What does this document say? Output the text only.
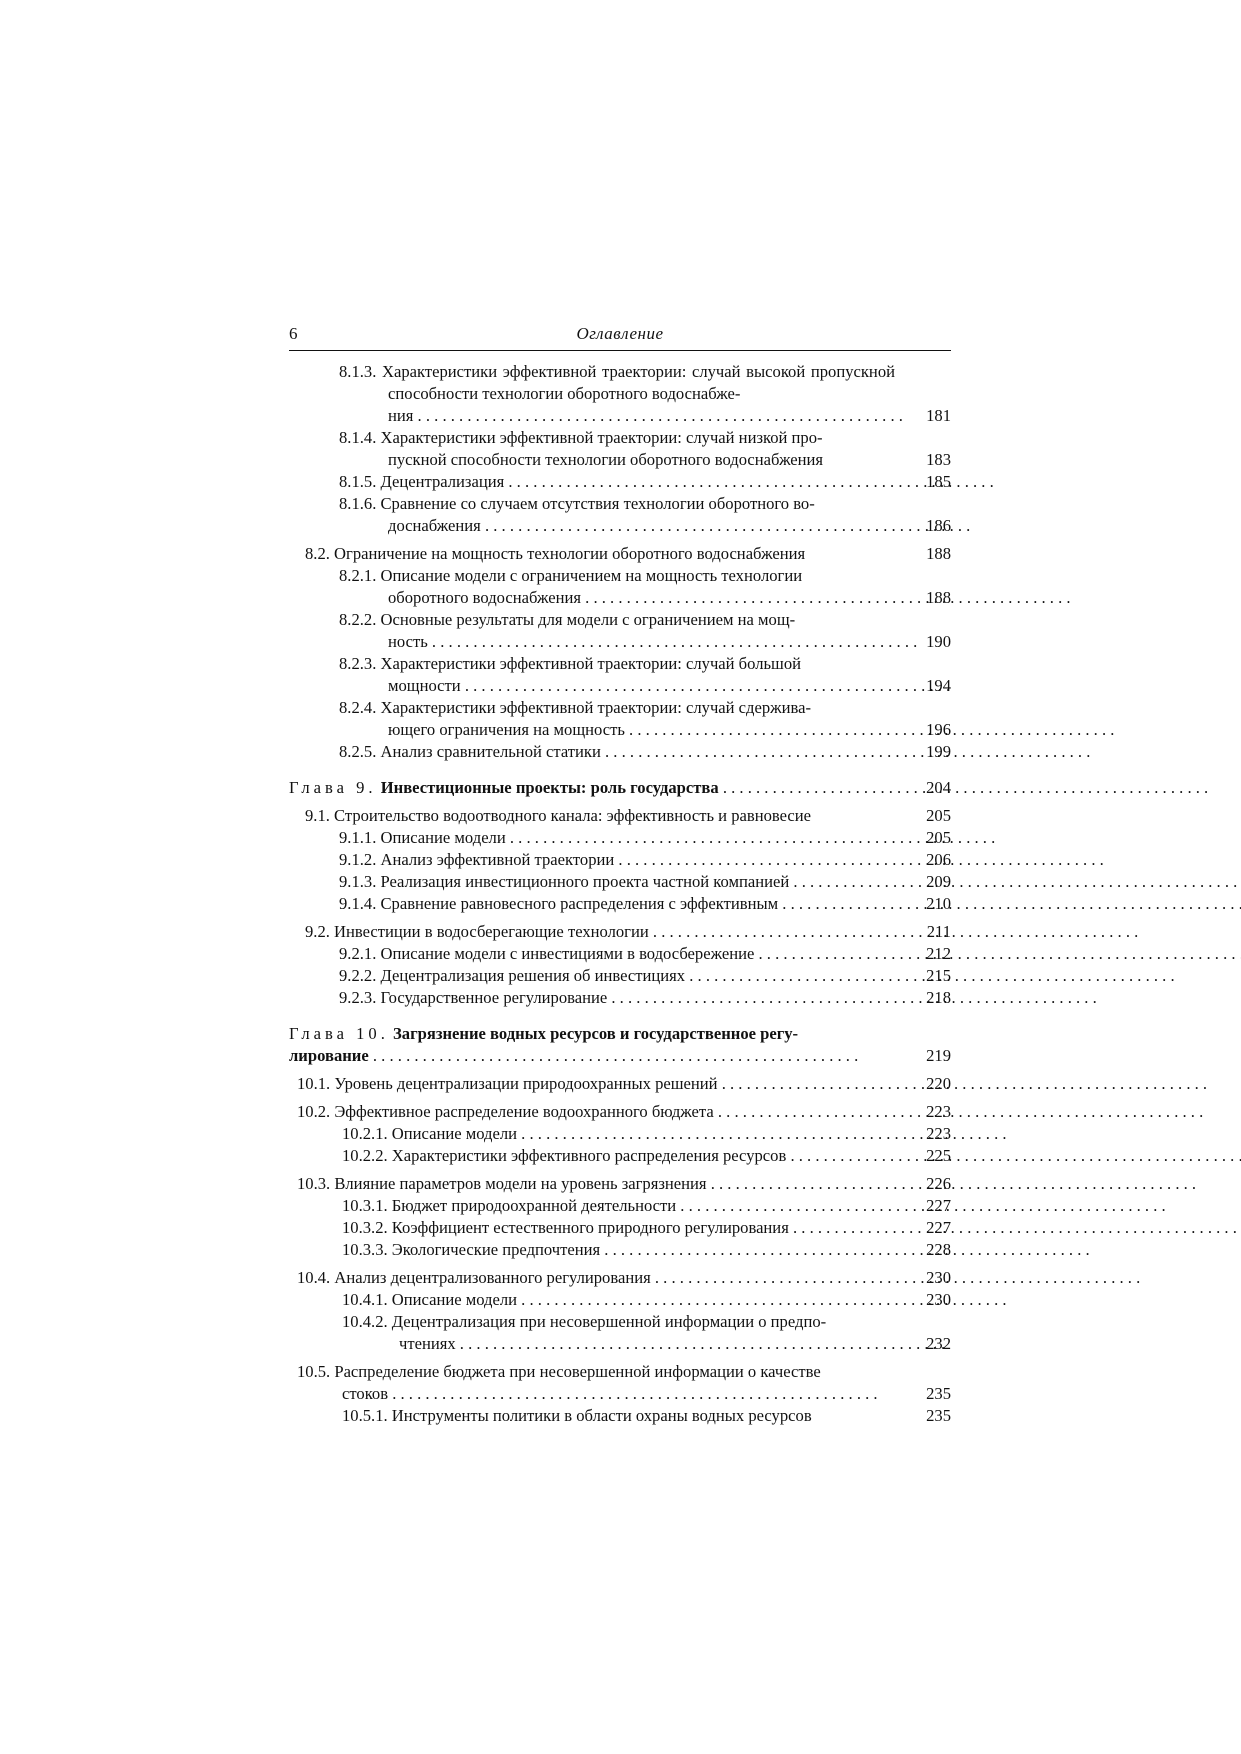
6	Оглавление
8.1.3. Характеристики эффективной траектории: случай высокой пропускной способности технологии оборотного водоснабже-
ния . . .	181
8.1.4. Характеристики эффективной траектории: случай низкой про-
пускной способности технологии оборотного водоснабжения	183
8.1.5. Децентрализация . . .	185
8.1.6. Сравнение со случаем отсутствия технологии оборотного во-
доснабжения . . .	186
8.2. Ограничение на мощность технологии оборотного водоснабжения	188
8.2.1. Описание модели с ограничением на мощность технологии
оборотного водоснабжения . . .	188
8.2.2. Основные результаты для модели с ограничением на мощ-
ность . . .	190
8.2.3. Характеристики эффективной траектории: случай большой
мощности . . .	194
8.2.4. Характеристики эффективной траектории: случай сдержива-
ющего ограничения на мощность . . .	196
8.2.5. Анализ сравнительной статики . . .	199
Глава 9. Инвестиционные проекты: роль государства . . .	204
9.1. Строительство водоотводного канала: эффективность и равновесие	205
9.1.1. Описание модели . . .	205
9.1.2. Анализ эффективной траектории . . .	206
9.1.3. Реализация инвестиционного проекта частной компанией . . .	209
9.1.4. Сравнение равновесного распределения с эффективным . . .	210
9.2. Инвестиции в водосберегающие технологии . . .	211
9.2.1. Описание модели с инвестициями в водосбережение . . .	212
9.2.2. Децентрализация решения об инвестициях . . .	215
9.2.3. Государственное регулирование . . .	218
Глава 10. Загрязнение водных ресурсов и государственное регу-
лирование . . .	219
10.1. Уровень децентрализации природоохранных решений . . .	220
10.2. Эффективное распределение водоохранного бюджета . . .	223
10.2.1. Описание модели . . .	223
10.2.2. Характеристики эффективного распределения ресурсов . . .	225
10.3. Влияние параметров модели на уровень загрязнения . . .	226
10.3.1. Бюджет природоохранной деятельности . . .	227
10.3.2. Коэффициент естественного природного регулирования . . .	227
10.3.3. Экологические предпочтения . . .	228
10.4. Анализ децентрализованного регулирования . . .	230
10.4.1. Описание модели . . .	230
10.4.2. Децентрализация при несовершенной информации о предпо-
чтениях . . .	232
10.5. Распределение бюджета при несовершенной информации о качестве
стоков . . .	235
10.5.1. Инструменты политики в области охраны водных ресурсов	235
